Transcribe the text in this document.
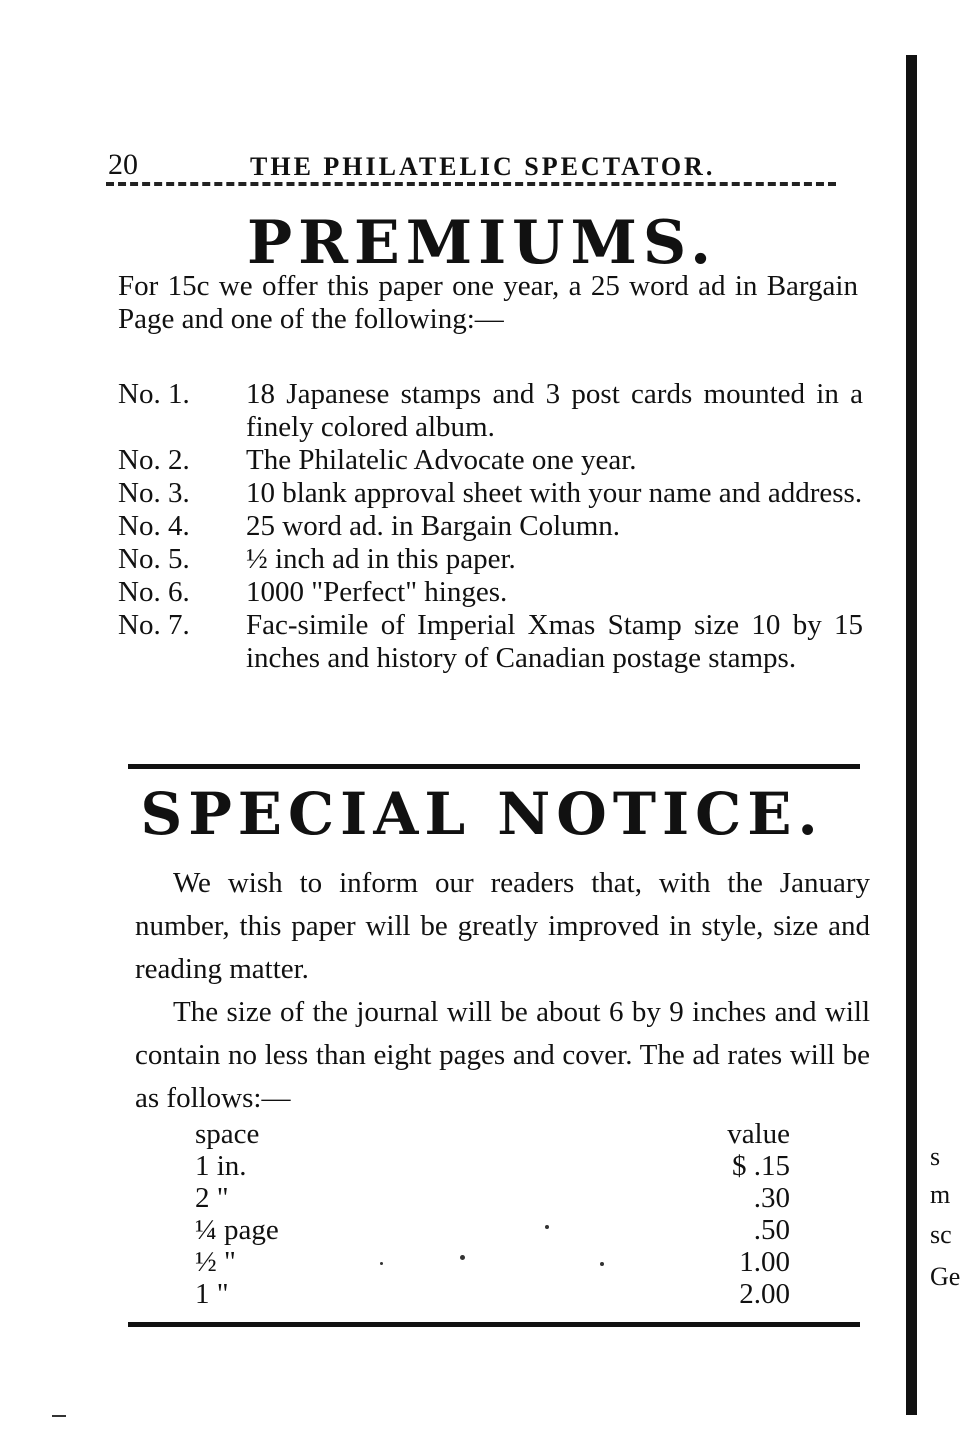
20	THE PHILATELIC SPECTATOR.
PREMIUMS.
For 15c we offer this paper one year, a 25 word ad in Bargain Page and one of the following:—
No. 1.	18 Japanese stamps and 3 post cards mounted in a finely colored album.
No. 2.	The Philatelic Advocate one year.
No. 3.	10 blank approval sheet with your name and address.
No. 4.	25 word ad. in Bargain Column.
No. 5.	½ inch ad in this paper.
No. 6.	1000 "Perfect" hinges.
No. 7.	Fac-simile of Imperial Xmas Stamp size 10 by 15 inches and history of Canadian postage stamps.
SPECIAL NOTICE.

We wish to inform our readers that, with the January number, this paper will be greatly improved in style, size and reading matter.

The size of the journal will be about 6 by 9 inches and will contain no less than eight pages and cover. The ad rates will be as follows:—

space	value
1 in.	$ .15
2 "	.30
¼ page	.50
½ "	1.00
1 "	2.00
s
m
sc
Ge
